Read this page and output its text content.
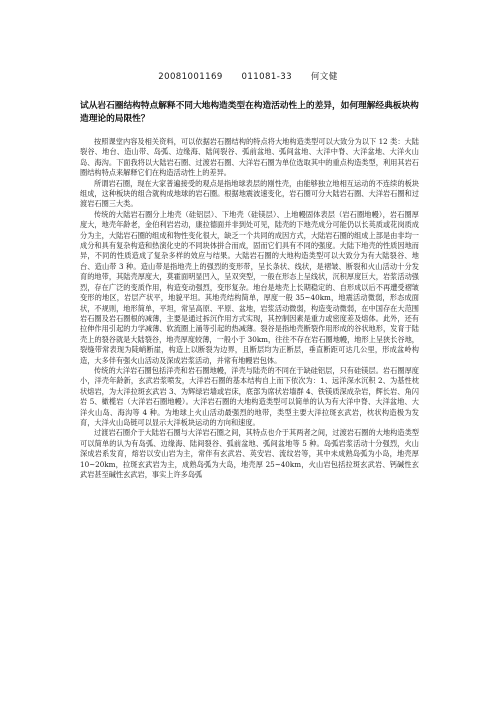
20081001169 011081-33 何文健
试从岩石圈结构特点解释不同大地构造类型在构造活动性上的差异，如何理解经典板块构造理论的局限性？

按照课堂内容及相关资料，可以依据岩石圈结构的特点将大地构造类型可以大致分为以下 12 类：大陆裂谷、地台、造山带、岛弧、边缘海、陆间裂谷、弧前盆地、弧间盆地、大洋中脊、大洋盆地、大洋火山岛、海沟。下面我将以大陆岩石圈、过渡岩石圈、大洋岩石圈为单位选取其中的重点构造类型，利用其岩石圈结构特点来解释它们在构造活动性上的差异。

所谓岩石圈，现在大家普遍接受的观点是指地球表层的刚性壳，由能够独立地相互运动的不连续的板块组成，这种板块的组合就构成地球的岩石圈。根据地震波速变化，岩石圈可分大陆岩石圈、大洋岩石圈和过渡岩石圈三大类。

传统的大陆岩石圈分上地壳（硅铝层）、下地壳（硅镁层）、上地幔固体表层（岩石圈地幔），岩石圈厚度大，地壳年龄老，金伯利岩岩动，康拉德面并非到处可见，陆壳的下地壳成分可能仍以长英质或花岗质成分为主，大陆岩石圈的组成和物性变化很大，缺乏一个共同的成因方式，大陆岩石圈的组成上部是由非均一成分和具有复杂构造和热演化史的不同块体拼合而成，固而它们具有不同的强度。大陆下地壳的性质因地而异，不同的性质造成了复杂多样的效应与结果。大陆岩石圈的大地构造类型可以大致分为有大陆裂谷、地台、造山带 3 种。造山带是指地壳上的强烈的变形带，呈长条状、线状，是褶皱、断裂和火山活动十分发育的地带，其陆壳厚度大，莫霍面明显凹入，呈双突型，一般在形态上呈线状，沉积厚度巨大，岩浆活动强烈，存在广泛的变质作用，构造变动强烈，变形复杂。地台是地壳上长期稳定的、自形成以后不再遭受褶皱变形的地区，岩层产状平，地貌平坦。其地壳结构简单，厚度一般 35~40km，地震活动微弱，形态成面状，不规则，地形简单，平坦，常呈高原、平原、盆地，岩浆活动微弱，构造变动微弱，在中国存在大范围岩石圈及岩石圈根的减薄，主要是通过拆沉作用方式实现，其控制因素是重力或密度差及熔体。此外，还有拉伸作用引起的力学减薄、软流圈上涌等引起的热减薄。裂谷是指地壳断裂作用形成的谷状地形，发育于陆壳上的裂谷就是大陆裂谷，地壳厚度较薄，一般小于 30km，往往不存在岩石圈地幔，地形上呈狭长谷地，裂缝带常表现为陡峭断崖，构造上以断裂为边界，且断层均为正断层，垂直断距可达几公里，形成盆岭构造，大多伴有强火山活动及深成岩浆活动，并常有地幔岩包体。

传统的大洋岩石圈包括洋壳和岩石圈地幔，洋壳与陆壳的不同在于缺硅铝层，只有硅镁层。岩石圈厚度小，洋壳年龄新，玄武岩浆喷发，大洋岩石圈的基本结构自上而下依次为：1、远洋深水沉积 2、为基性枕状熔岩，为大洋拉斑玄武岩 3、为辉绿岩墙或岩床，底部为席状岩墙群 4、铁镁质深成杂岩，辉长岩、角闪岩 5、橄榄岩（大洋岩石圈地幔）。大洋岩石圈的大地构造类型可以简单的认为有大洋中脊、大洋盆地、大洋火山岛、海沟等 4 种。为地球上火山活动最强烈的地带，类型主要大洋拉斑玄武岩，枕状构造极为发育，大洋火山岛链可以显示大洋板块运动的方向和速度。

过渡岩石圈介于大陆岩石圈与大洋岩石圈之间，其特点也介于其两者之间，过渡岩石圈的大地构造类型可以简单的认为有岛弧、边缘海、陆间裂谷、弧前盆地、弧间盆地等 5 种。岛弧岩浆活动十分强烈，火山深成岩系发育，熔岩以安山岩为主，常伴有玄武岩、英安岩、流纹岩等，其中未成熟岛弧为小岛，地壳厚 10~20km，拉斑玄武岩为主，成熟岛弧为大岛，地壳厚 25~40km，火山岩包括拉斑玄武岩、钙碱性玄武岩甚至碱性玄武岩，事实上许多岛弧
